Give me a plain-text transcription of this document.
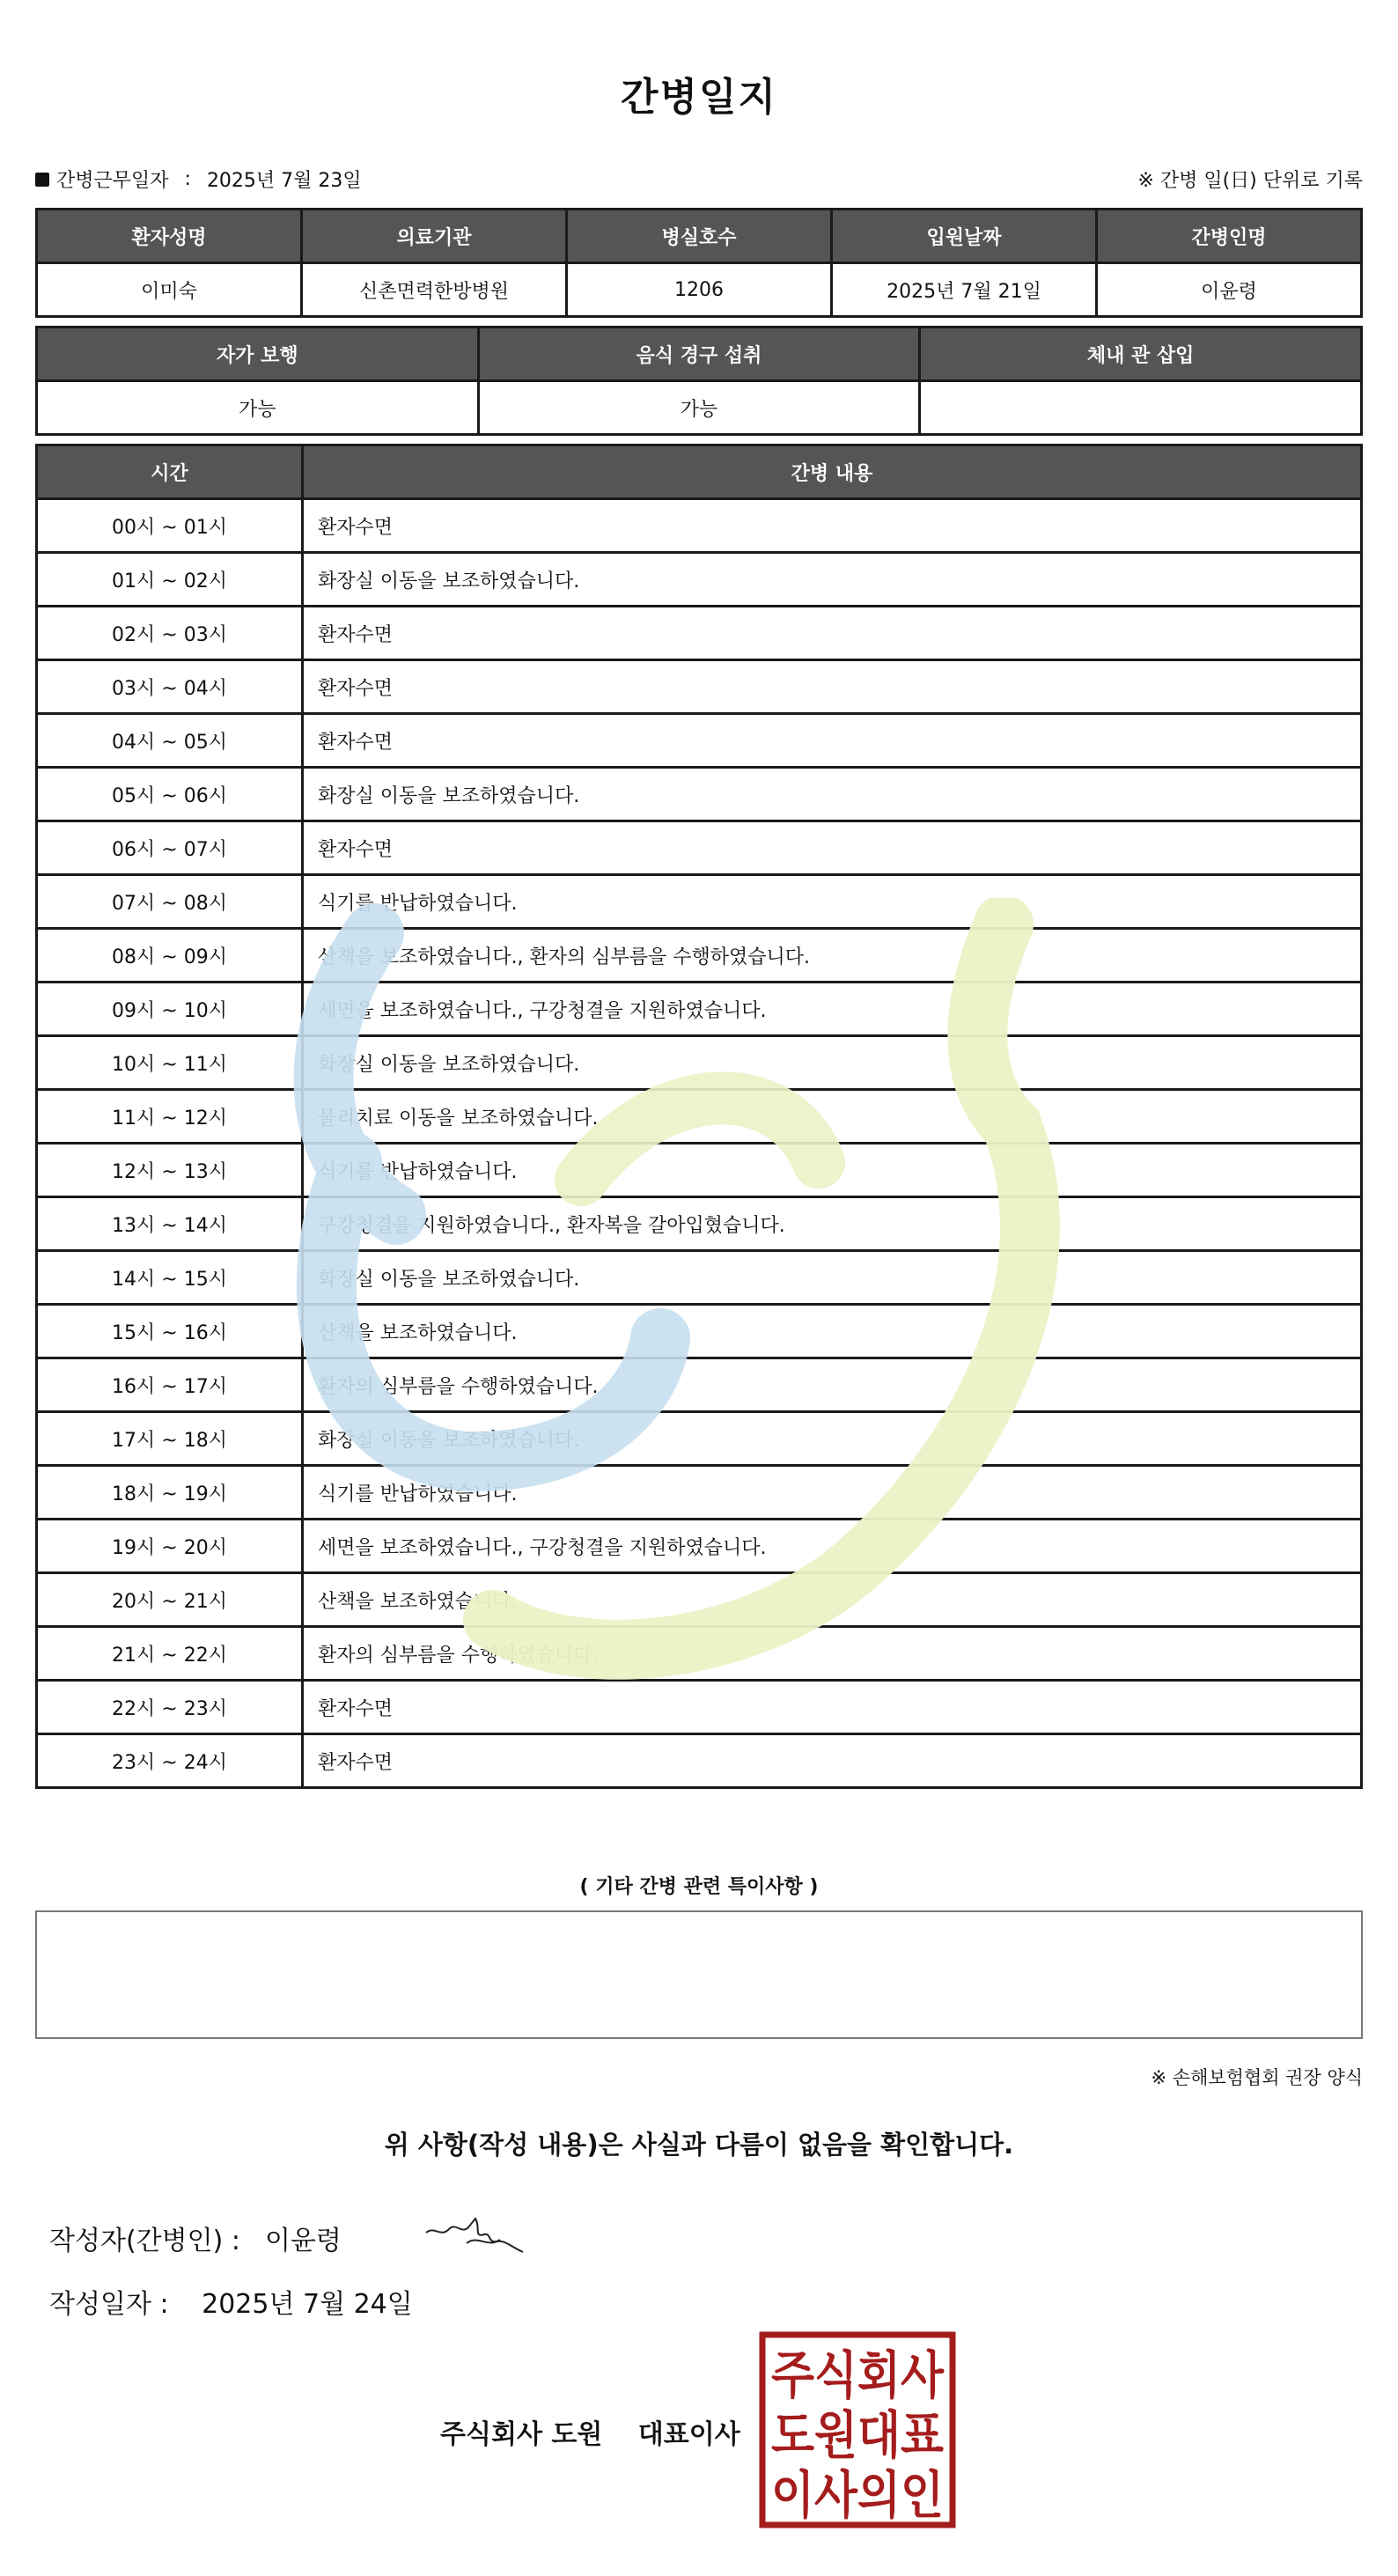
간병일지
간병근무일자 : 2025년 7월 23일	※ 간병 일(日) 단위로 기록
환자성명	의료기관	병실호수	입원날짜	간병인명
이미숙	신촌면력한방병원	1206	2025년 7월 21일	이윤령
자가 보행	음식 경구 섭취	체내 관 삽입
가능	가능	
시간	간병 내용
00시 ~ 01시	환자수면
01시 ~ 02시	화장실 이동을 보조하였습니다.
02시 ~ 03시	환자수면
03시 ~ 04시	환자수면
04시 ~ 05시	환자수면
05시 ~ 06시	화장실 이동을 보조하였습니다.
06시 ~ 07시	환자수면
07시 ~ 08시	식기를 반납하였습니다.
08시 ~ 09시	산책을 보조하였습니다., 환자의 심부름을 수행하였습니다.
09시 ~ 10시	세면을 보조하였습니다., 구강청결을 지원하였습니다.
10시 ~ 11시	화장실 이동을 보조하였습니다.
11시 ~ 12시	물리치료 이동을 보조하였습니다.
12시 ~ 13시	식기를 반납하였습니다.
13시 ~ 14시	구강청결을 지원하였습니다., 환자복을 갈아입혔습니다.
14시 ~ 15시	화장실 이동을 보조하였습니다.
15시 ~ 16시	산책을 보조하였습니다.
16시 ~ 17시	환자의 심부름을 수행하였습니다.
17시 ~ 18시	화장실 이동을 보조하였습니다.
18시 ~ 19시	식기를 반납하였습니다.
19시 ~ 20시	세면을 보조하였습니다., 구강청결을 지원하였습니다.
20시 ~ 21시	산책을 보조하였습니다.
21시 ~ 22시	환자의 심부름을 수행하였습니다.
22시 ~ 23시	환자수면
23시 ~ 24시	환자수면
( 기타 간병 관련 특이사항 )
※ 손해보험협회 권장 양식
위 사항(작성 내용)은 사실과 다름이 없음을 확인합니다.
작성자(간병인) : 이윤령
작성일자 : 2025년 7월 24일
주식회사 도원 대표이사
주식회사
도원대표
이사의인
